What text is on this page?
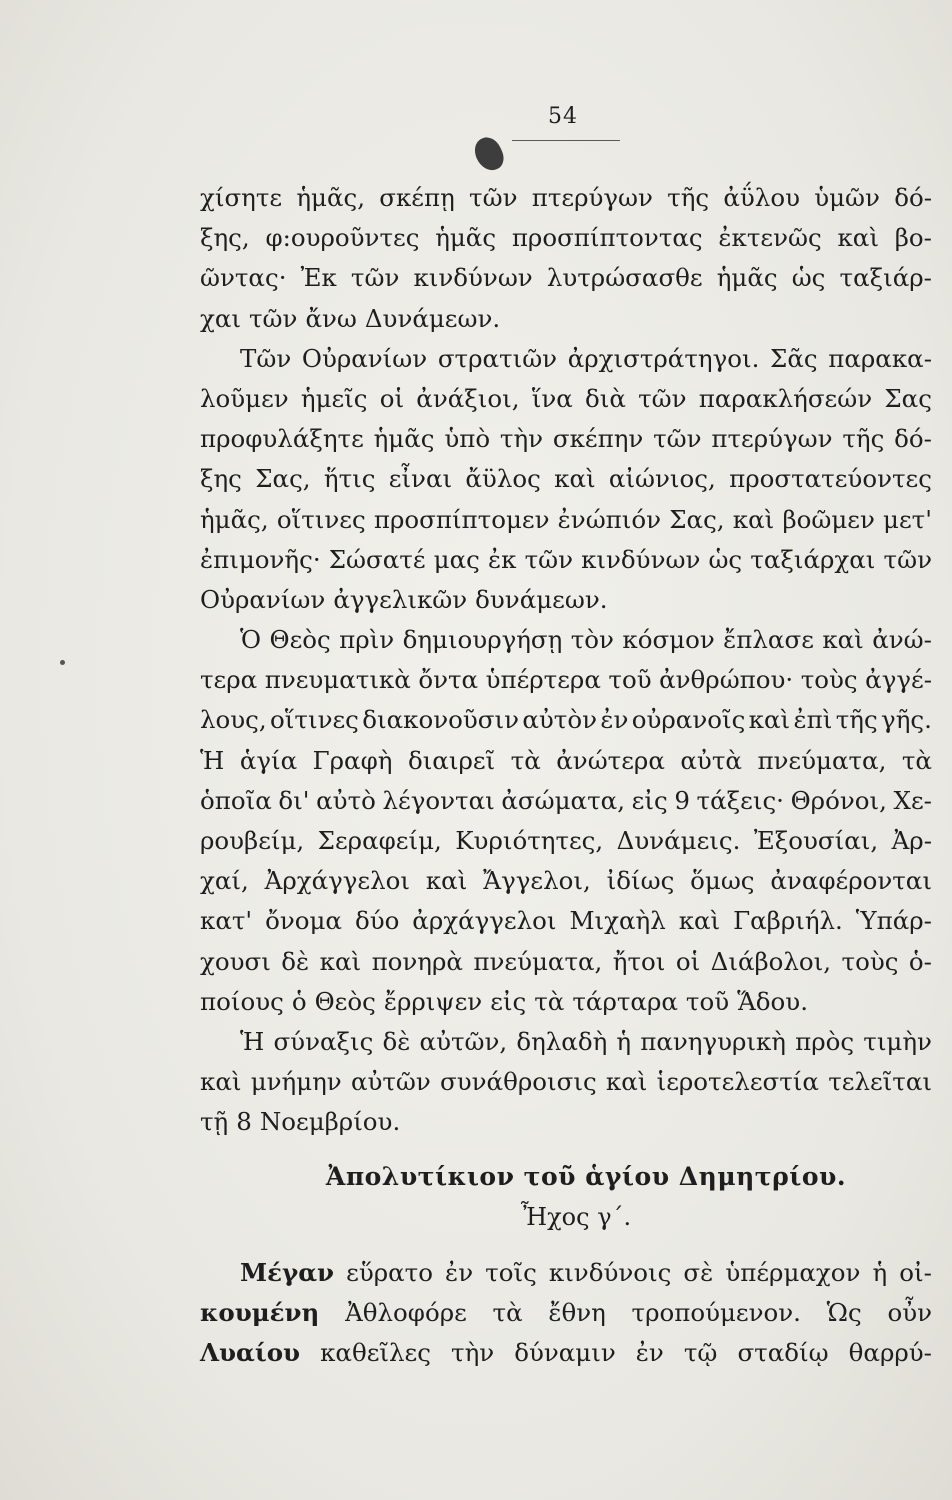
54
χίσητε ἡμᾶς, σκέπῃ τῶν πτερύγων τῆς ἀΰλου ὑμῶν δό-
ξης, φ:ουροῦντες ἡμᾶς προσπίπτοντας ἐκτενῶς καὶ βο-
ῶντας· Ἐκ τῶν κινδύνων λυτρώσασθε ἡμᾶς ὡς ταξιάρ-
χαι τῶν ἄνω Δυνάμεων.
Τῶν Οὐρανίων στρατιῶν ἀρχιστράτηγοι. Σᾶς παρακα-
λοῦμεν ἡμεῖς οἱ ἀνάξιοι, ἵνα διὰ τῶν παρακλήσεών Σας
προφυλάξητε ἡμᾶς ὑπὸ τὴν σκέπην τῶν πτερύγων τῆς δό-
ξης Σας, ἥτις εἶναι ἄϋλος καὶ αἰώνιος, προστατεύοντες
ἡμᾶς, οἵτινες προσπίπτομεν ἐνώπιόν Σας, καὶ βοῶμεν μετ'
ἐπιμονῆς· Σώσατέ μας ἐκ τῶν κινδύνων ὡς ταξιάρχαι τῶν
Οὐρανίων ἀγγελικῶν δυνάμεων.
Ὁ Θεὸς πρὶν δημιουργήσῃ τὸν κόσμον ἔπλασε καὶ ἀνώ-
τερα πνευματικὰ ὄντα ὑπέρτερα τοῦ ἀνθρώπου· τοὺς ἀγγέ-
λους, οἵτινες διακονοῦσιν αὐτὸν ἐν οὐρανοῖς καὶ ἐπὶ τῆς γῆς.
Ἡ ἁγία Γραφὴ διαιρεῖ τὰ ἀνώτερα αὐτὰ πνεύματα, τὰ
ὁποῖα δι' αὐτὸ λέγονται ἀσώματα, εἰς 9 τάξεις· Θρόνοι, Χε-
ρουβείμ, Σεραφείμ, Κυριότητες, Δυνάμεις. Ἐξουσίαι, Ἀρ-
χαί, Ἀρχάγγελοι καὶ Ἄγγελοι, ἰδίως ὅμως ἀναφέρονται
κατ' ὄνομα δύο ἀρχάγγελοι Μιχαὴλ καὶ Γαβριήλ. Ὑπάρ-
χουσι δὲ καὶ πονηρὰ πνεύματα, ἤτοι οἱ Διάβολοι, τοὺς ὁ-
ποίους ὁ Θεὸς ἔρριψεν εἰς τὰ τάρταρα τοῦ Ἅδου.
Ἡ σύναξις δὲ αὐτῶν, δηλαδὴ ἡ πανηγυρικὴ πρὸς τιμὴν
καὶ μνήμην αὐτῶν συνάθροισις καὶ ἱεροτελεστία τελεῖται
τῇ 8 Νοεμβρίου.
Ἀπολυτίκιον τοῦ ἁγίου Δημητρίου.
Ἦχος γ΄.
Μέγαν εὕρατο ἐν τοῖς κινδύνοις σὲ ὑπέρμαχον ἡ οἰ-
κουμένη Ἀθλοφόρε τὰ ἔθνη τροπούμενον. Ὡς οὖν
Λυαίου καθεῖλες τὴν δύναμιν ἐν τῷ σταδίῳ θαρρύ-
